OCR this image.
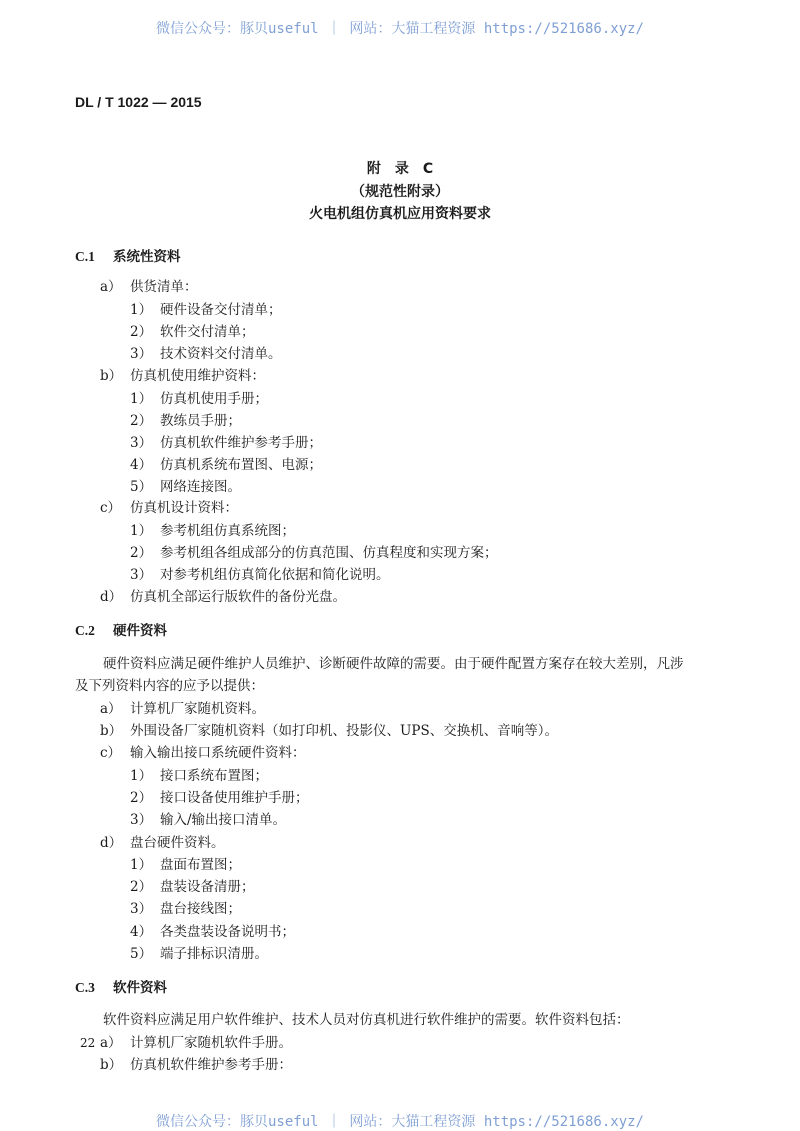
微信公众号：豚贝useful ｜ 网站：大猫工程资源 https://521686.xyz/
DL / T 1022 — 2015
附　录　C
（规范性附录）
火电机组仿真机应用资料要求
C.1 系统性资料
a） 供货清单：
1） 硬件设备交付清单；
2） 软件交付清单；
3） 技术资料交付清单。
b） 仿真机使用维护资料：
1） 仿真机使用手册；
2） 教练员手册；
3） 仿真机软件维护参考手册；
4） 仿真机系统布置图、电源；
5） 网络连接图。
c） 仿真机设计资料：
1） 参考机组仿真系统图；
2） 参考机组各组成部分的仿真范围、仿真程度和实现方案；
3） 对参考机组仿真简化依据和简化说明。
d） 仿真机全部运行版软件的备份光盘。
C.2 硬件资料
硬件资料应满足硬件维护人员维护、诊断硬件故障的需要。由于硬件配置方案存在较大差别，凡涉
及下列资料内容的应予以提供：
a） 计算机厂家随机资料。
b） 外围设备厂家随机资料（如打印机、投影仪、UPS、交换机、音响等）。
c） 输入输出接口系统硬件资料：
1） 接口系统布置图；
2） 接口设备使用维护手册；
3） 输入/输出接口清单。
d） 盘台硬件资料。
1） 盘面布置图；
2） 盘装设备清册；
3） 盘台接线图；
4） 各类盘装设备说明书；
5） 端子排标识清册。
C.3 软件资料
软件资料应满足用户软件维护、技术人员对仿真机进行软件维护的需要。软件资料包括：
a） 计算机厂家随机软件手册。
b） 仿真机软件维护参考手册：
22
微信公众号：豚贝useful ｜ 网站：大猫工程资源 https://521686.xyz/
